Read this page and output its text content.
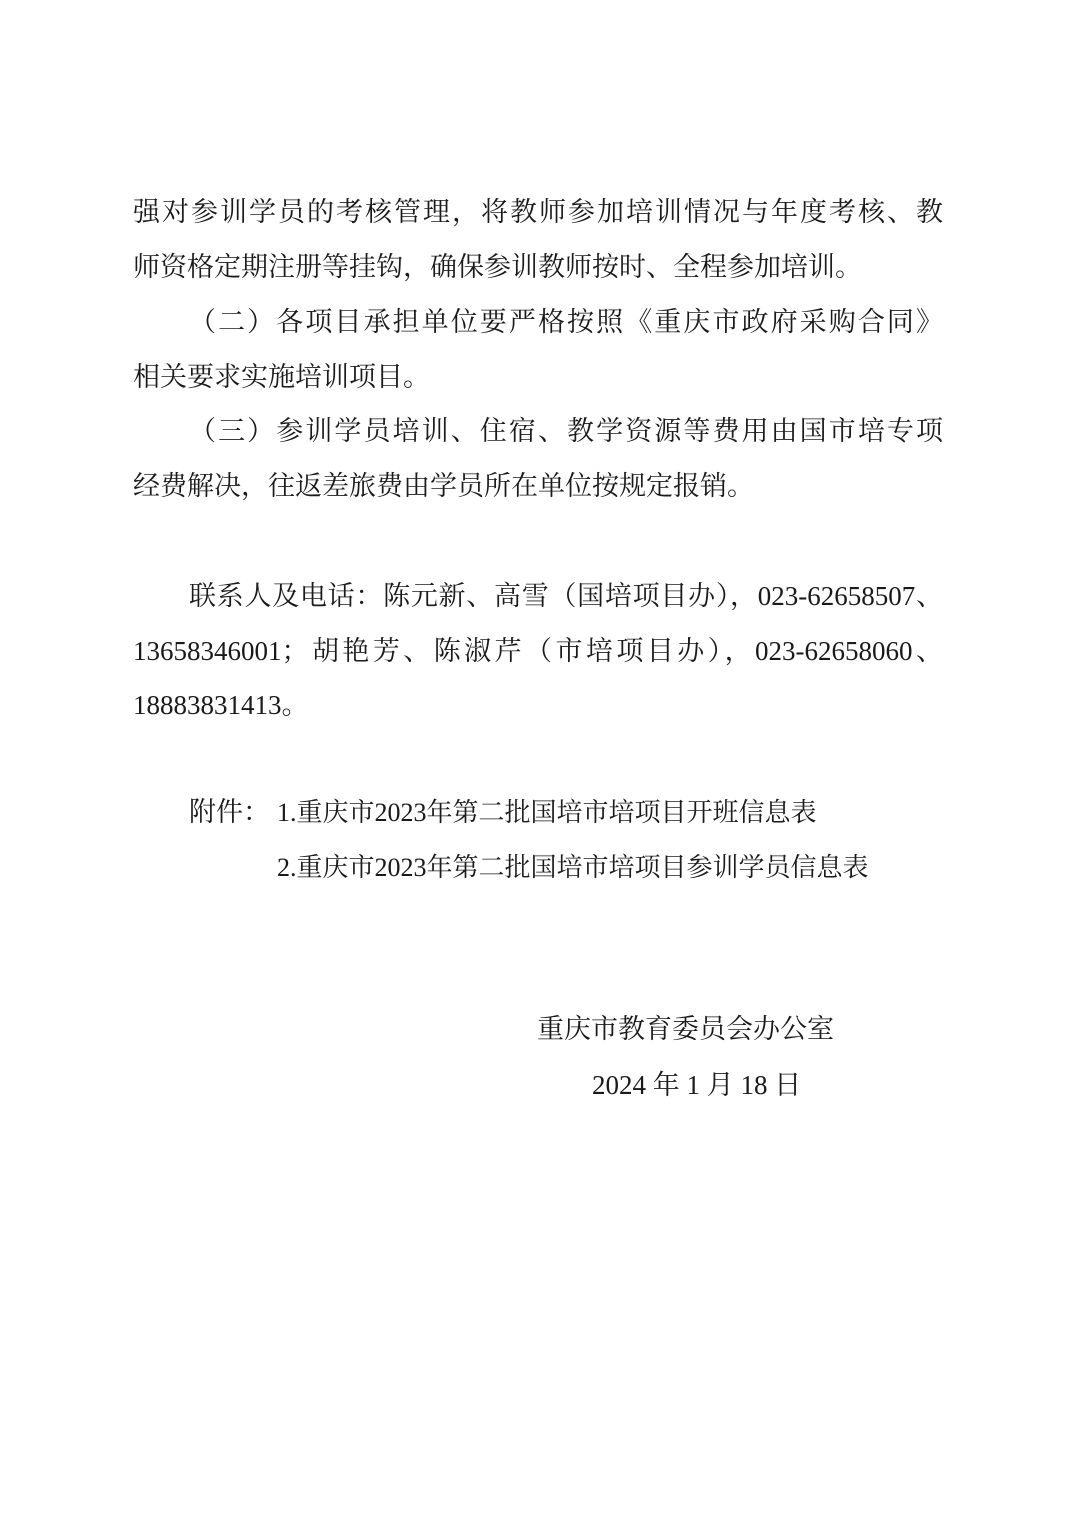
强对参训学员的考核管理，将教师参加培训情况与年度考核、教
师资格定期注册等挂钩，确保参训教师按时、全程参加培训。
（二）各项目承担单位要严格按照《重庆市政府采购合同》
相关要求实施培训项目。
（三）参训学员培训、住宿、教学资源等费用由国市培专项
经费解决，往返差旅费由学员所在单位按规定报销。
联系人及电话：陈元新、高雪（国培项目办），023-62658507、
13658346001；胡艳芳、陈淑芹（市培项目办），023-62658060、
18883831413。
附件： 1.重庆市2023年第二批国培市培项目开班信息表
2.重庆市2023年第二批国培市培项目参训学员信息表
重庆市教育委员会办公室
2024 年 1 月 18 日
